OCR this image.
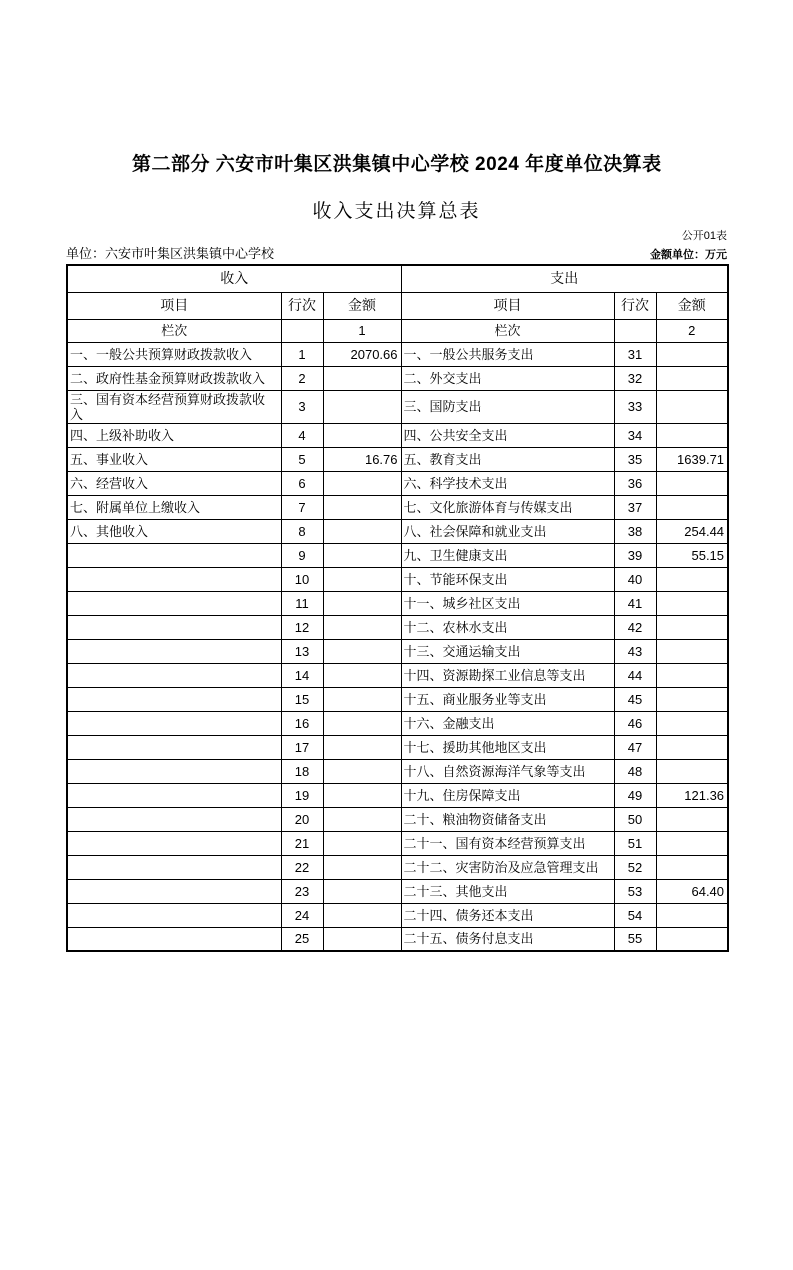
第二部分 六安市叶集区洪集镇中心学校 2024 年度单位决算表
收入支出决算总表
公开01表
单位：六安市叶集区洪集镇中心学校	金额单位：万元
收入			支出		
项目	行次	金额	项目	行次	金额
栏次		1	栏次		2
一、一般公共预算财政拨款收入	1	2070.66	一、一般公共服务支出	31	
二、政府性基金预算财政拨款收入	2		二、外交支出	32	
三、国有资本经营预算财政拨款收入	3		三、国防支出	33	
四、上级补助收入	4		四、公共安全支出	34	
五、事业收入	5	16.76	五、教育支出	35	1639.71
六、经营收入	6		六、科学技术支出	36	
七、附属单位上缴收入	7		七、文化旅游体育与传媒支出	37	
八、其他收入	8		八、社会保障和就业支出	38	254.44
	9		九、卫生健康支出	39	55.15
	10		十、节能环保支出	40	
	11		十一、城乡社区支出	41	
	12		十二、农林水支出	42	
	13		十三、交通运输支出	43	
	14		十四、资源勘探工业信息等支出	44	
	15		十五、商业服务业等支出	45	
	16		十六、金融支出	46	
	17		十七、援助其他地区支出	47	
	18		十八、自然资源海洋气象等支出	48	
	19		十九、住房保障支出	49	121.36
	20		二十、粮油物资储备支出	50	
	21		二十一、国有资本经营预算支出	51	
	22		二十二、灾害防治及应急管理支出	52	
	23		二十三、其他支出	53	64.40
	24		二十四、债务还本支出	54	
	25		二十五、债务付息支出	55	
